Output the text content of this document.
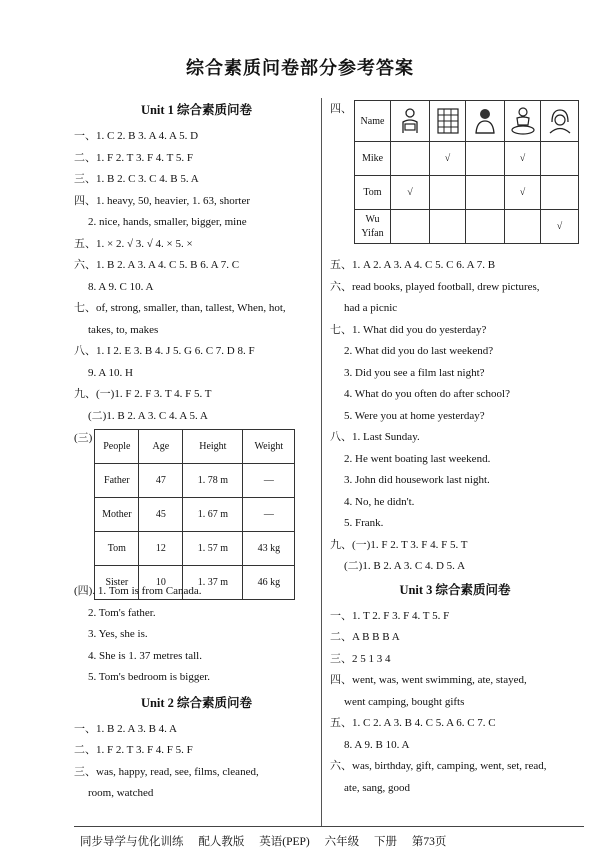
综合素质问卷部分参考答案
Unit 1 综合素质问卷
一、1. C 2. B 3. A 4. A 5. D
二、1. F 2. T 3. F 4. T 5. F
三、1. B 2. C 3. C 4. B 5. A
四、1. heavy, 50, heavier, 1. 63, shorter
2. nice, hands, smaller, bigger, mine
五、1. × 2. √ 3. √ 4. × 5. ×
六、1. B 2. A 3. A 4. C 5. B 6. A 7. C
8. A 9. C 10. A
七、of, strong, smaller, than, tallest, When, hot,
takes, to, makes
八、1. I 2. E 3. B 4. J 5. G 6. C 7. D 8. F
9. A 10. H
九、(一)1. F 2. F 3. T 4. F 5. T
(二)1. B 2. A 3. C 4. A 5. A
(三)
People	Age	Height	Weight
Father	47	1. 78 m	—
Mother	45	1. 67 m	—
Tom	12	1. 57 m	43 kg
Sister	10	1. 37 m	46 kg
(四). 1. Tom is from Canada.
2. Tom's father.
3. Yes, she is.
4. She is 1. 37 metres tall.
5. Tom's bedroom is bigger.
Unit 2 综合素质问卷
一、1. B 2. A 3. B 4. A
二、1. F 2. T 3. F 4. F 5. F
三、was, happy, read, see, films, cleaned,
room, watched
四、
Name					
Mike		√		√	
Tom	√			√	
Wu
Yifan					√
五、1. A 2. A 3. A 4. C 5. C 6. A 7. B
六、read books, played football, drew pictures,
had a picnic
七、1. What did you do yesterday?
2. What did you do last weekend?
3. Did you see a film last night?
4. What do you often do after school?
5. Were you at home yesterday?
八、1. Last Sunday.
2. He went boating last weekend.
3. John did housework last night.
4. No, he didn't.
5. Frank.
九、(一)1. F 2. T 3. F 4. F 5. T
(二)1. B 2. A 3. C 4. D 5. A
Unit 3 综合素质问卷
一、1. T 2. F 3. F 4. T 5. F
二、A B B B A
三、2 5 1 3 4
四、went, was, went swimming, ate, stayed,
went camping, bought gifts
五、1. C 2. A 3. B 4. C 5. A 6. C 7. C
8. A 9. B 10. A
六、was, birthday, gift, camping, went, set, read,
ate, sang, good
同步导学与优化训练 配人教版 英语(PEP) 六年级 下册 第73页
